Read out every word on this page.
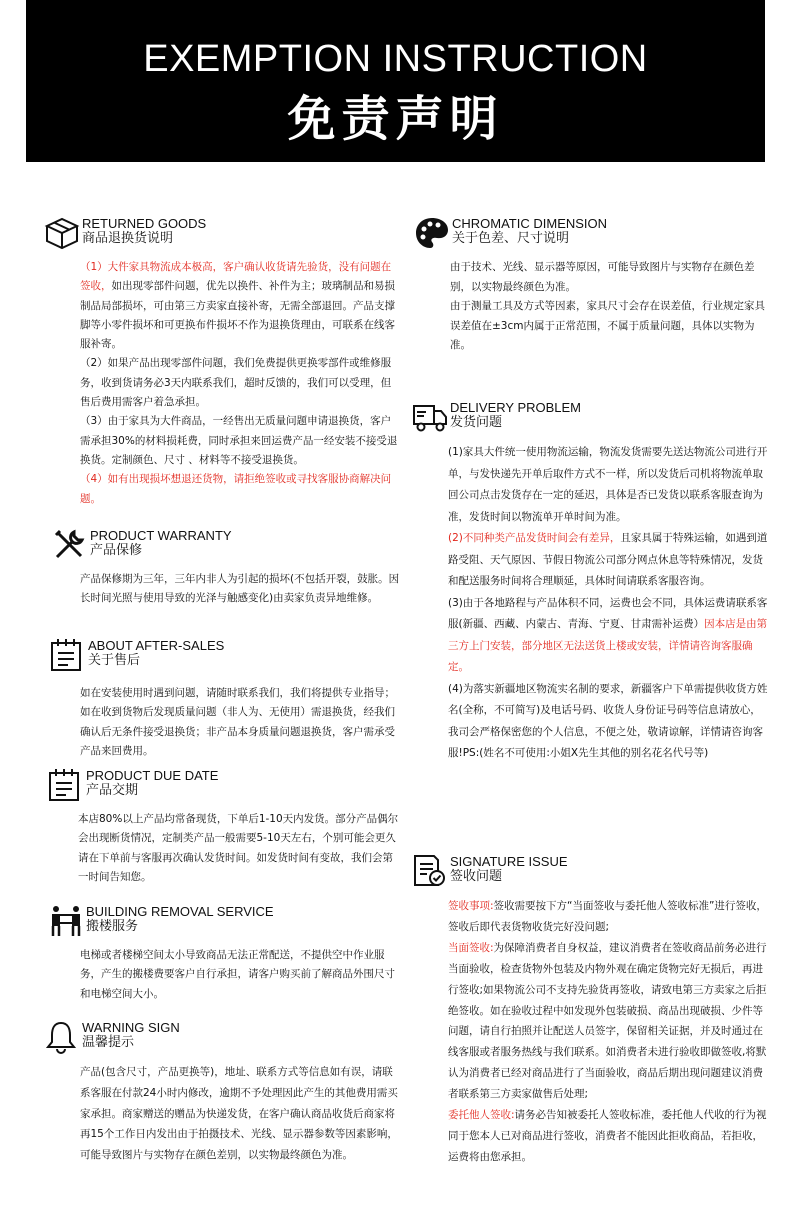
EXEMPTION INSTRUCTION
免责声明
RETURNED GOODS
商品退换货说明

（1）大件家具物流成本极高，客户确认收货请先验货，没有问题在签收，如出现零部件问题，优先以换件、补件为主；玻璃制品和易损制品局部损坏，可由第三方卖家直接补寄，无需全部退回。产品支撑脚等小零件损坏和可更换布件损坏不作为退换货理由，可联系在线客服补寄。

（2）如果产品出现零部件问题，我们免费提供更换零部件或维修服务，收到货请务必3天内联系我们，超时反馈的，我们可以受理，但售后费用需客户着急承担。

（3）由于家具为大件商品，一经售出无质量问题申请退换货，客户需承担30%的材料损耗费，同时承担来回运费产品一经安装不接受退换货。定制颜色、尺寸 、材料等不接受退换货。

（4）如有出现损坏想退还货物，请拒绝签收或寻找客服协商解决问题。

PRODUCT WARRANTY
产品保修
产品保修期为三年，三年内非人为引起的损坏(不包括开裂，鼓胀。因长时间光照与使用导致的光泽与触感变化)由卖家负责异地维修。
ABOUT AFTER-SALES
关于售后
如在安装使用时遇到问题，请随时联系我们，我们将提供专业指导；如在收到货物后发现质量问题（非人为、无使用）需退换货，经我们确认后无条件接受退换货；非产品本身质量问题退换货，客户需承受产品来回费用。
PRODUCT DUE DATE
产品交期
本店80%以上产品均常备现货，下单后1-10天内发货。部分产品偶尔会出现断货情况，定制类产品一般需要5-10天左右，个别可能会更久请在下单前与客服再次确认发货时间。如发货时间有变故，我们会第一时间告知您。
BUILDING REMOVAL SERVICE
搬楼服务
电梯或者楼梯空间太小导致商品无法正常配送，不提供空中作业服务，产生的搬楼费要客户自行承担，请客户购买前了解商品外围尺寸和电梯空间大小。
WARNING SIGN
温馨提示
产品(包含尺寸，产品更换等)，地址、联系方式等信息如有误，请联系客服在付款24小时内修改，逾期不予处理因此产生的其他费用需买家承担。商家赠送的赠品为快递发货，在客户确认商品收货后商家将再15个工作日内发出由于拍摄技术、光线、显示器参数等因素影响，可能导致图片与实物存在颜色差别，以实物最终颜色为准。
CHROMATIC DIMENSION
关于色差、尺寸说明

由于技术、光线、显示器等原因，可能导致图片与实物存在颜色差别，以实物最终颜色为准。

由于测量工具及方式等因素，家具尺寸会存在误差值，行业规定家具误差值在±3cm内属于正常范围，不属于质量问题，具体以实物为准。

DELIVERY PROBLEM
发货问题

(1)家具大件统一使用物流运输，物流发货需要先送达物流公司进行开单，与发快递先开单后取件方式不一样，所以发货后司机将物流单取回公司点击发货存在一定的延迟，具体是否已发货以联系客服查询为准，发货时间以物流单开单时间为准。

(2)不同种类产品发货时间会有差异，且家具属于特殊运输，如遇到道路受阻、天气原因、节假日物流公司部分网点休息等特殊情况，发货和配送服务时间将合理顺延，具体时间请联系客服咨询。

(3)由于各地路程与产品体积不同，运费也会不同，具体运费请联系客服(新疆、西藏、内蒙古、青海、宁夏、甘肃需补运费）因本店是由第三方上门安装，部分地区无法送货上楼或安装，详情请咨询客服确定。

(4)为落实新疆地区物流实名制的要求，新疆客户下单需提供收货方姓名(全称，不可简写)及电话号码、收货人身份证号码等信息请放心，我司会严格保密您的个人信息，不便之处，敬请谅解，详情请咨询客服!PS:(姓名不可使用:小姐X先生其他的别名花名代号等)

SIGNATURE ISSUE
签收问题

签收事项:签收需要按下方“当面签收与委托他人签收标准”进行签收，签收后即代表货物收货完好没问题;

当面签收:为保障消费者自身权益，建议消费者在签收商品前务必进行当面验收，检查货物外包装及内物外观在确定货物完好无损后，再进行签收;如果物流公司不支持先验货再签收，请致电第三方卖家之后拒绝签收。如在验收过程中如发现外包装破损、商品出现破损、少件等问题，请自行拍照并让配送人员签字，保留相关证据，并及时通过在线客服或者服务热线与我们联系。如消费者未进行验收即做签收,将默认为消费者已经对商品进行了当面验收，商品后期出现问题建议消费者联系第三方卖家做售后处理;

委托他人签收:请务必告知被委托人签收标准，委托他人代收的行为视同于您本人已对商品进行签收，消费者不能因此拒收商品，若拒收，运费将由您承担。
